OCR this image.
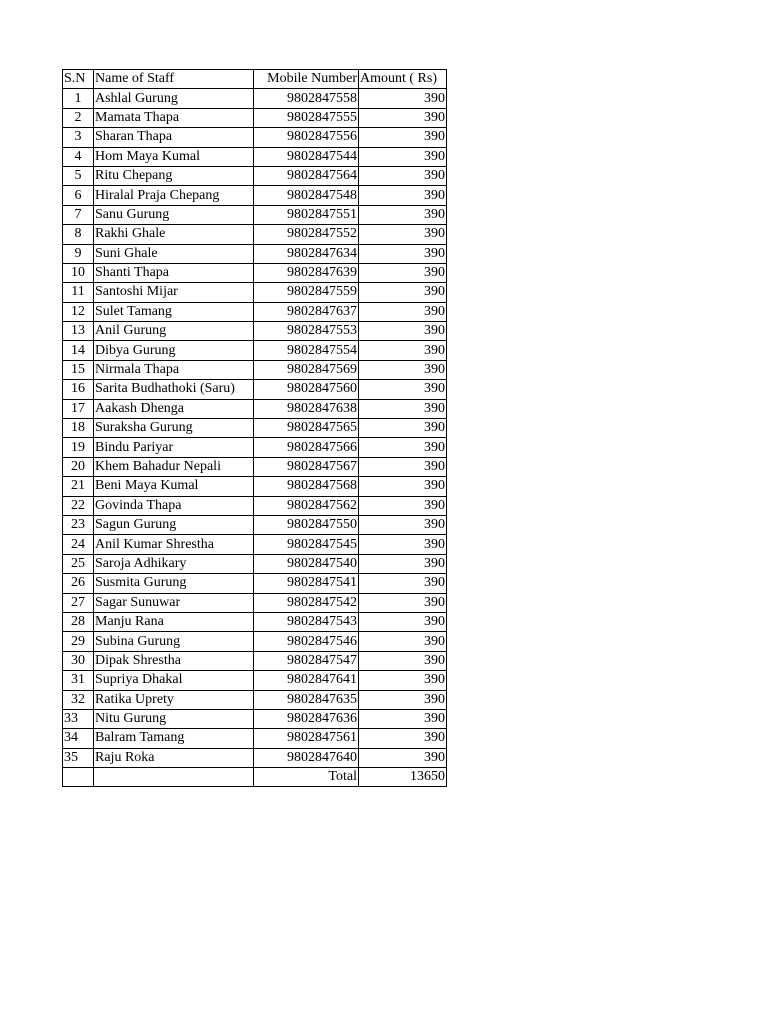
S.N	Name of Staff	Mobile Number	Amount ( Rs)
1	Ashlal Gurung	9802847558	390
2	Mamata Thapa	9802847555	390
3	Sharan Thapa	9802847556	390
4	Hom Maya Kumal	9802847544	390
5	Ritu Chepang	9802847564	390
6	Hiralal Praja Chepang	9802847548	390
7	Sanu Gurung	9802847551	390
8	Rakhi Ghale	9802847552	390
9	Suni Ghale	9802847634	390
10	Shanti Thapa	9802847639	390
11	Santoshi Mijar	9802847559	390
12	Sulet Tamang	9802847637	390
13	Anil Gurung	9802847553	390
14	Dibya Gurung	9802847554	390
15	Nirmala Thapa	9802847569	390
16	Sarita Budhathoki (Saru)	9802847560	390
17	Aakash Dhenga	9802847638	390
18	Suraksha Gurung	9802847565	390
19	Bindu Pariyar	9802847566	390
20	Khem Bahadur Nepali	9802847567	390
21	Beni Maya Kumal	9802847568	390
22	Govinda Thapa	9802847562	390
23	Sagun Gurung	9802847550	390
24	Anil Kumar Shrestha	9802847545	390
25	Saroja Adhikary	9802847540	390
26	Susmita Gurung	9802847541	390
27	Sagar Sunuwar	9802847542	390
28	Manju Rana	9802847543	390
29	Subina Gurung	9802847546	390
30	Dipak Shrestha	9802847547	390
31	Supriya Dhakal	9802847641	390
32	Ratika Uprety	9802847635	390
33	Nitu Gurung	9802847636	390
34	Balram Tamang	9802847561	390
35	Raju Roka	9802847640	390
		Total	13650
